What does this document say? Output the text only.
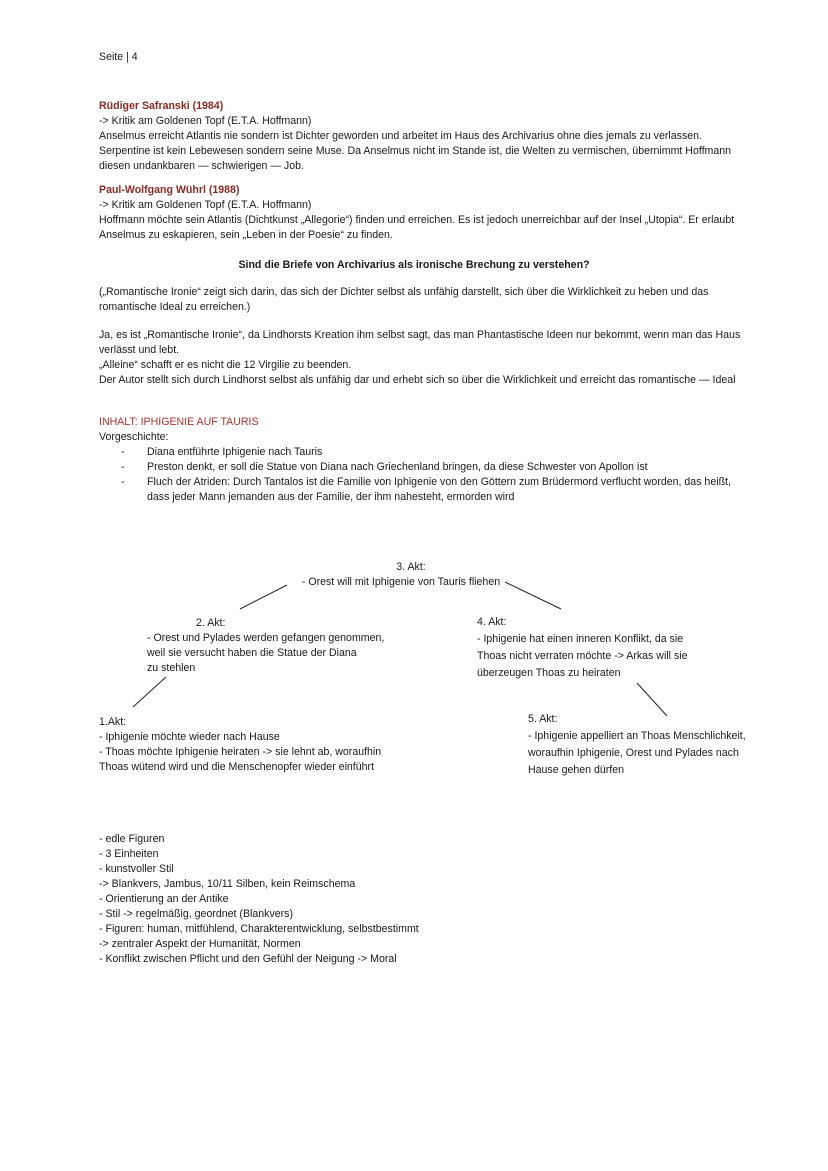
Seite | 4
Rüdiger Safranski (1984)
-> Kritik am Goldenen Topf (E.T.A. Hoffmann)
Anselmus erreicht Atlantis nie sondern ist Dichter geworden und arbeitet im Haus des Archivarius ohne dies jemals zu verlassen.
Serpentine ist kein Lebewesen sondern seine Muse. Da Anselmus nicht im Stande ist, die Welten zu vermischen, übernimmt Hoffmann
diesen undankbaren — schwierigen — Job.
Paul-Wolfgang Wührl (1988)
-> Kritik am Goldenen Topf (E.T.A. Hoffmann)
Hoffmann möchte sein Atlantis (Dichtkunst „Allegorie“) finden und erreichen. Es ist jedoch unerreichbar auf der Insel „Utopia“. Er erlaubt
Anselmus zu eskapieren, sein „Leben in der Poesie“ zu finden.
Sind die Briefe von Archivarius als ironische Brechung zu verstehen?
(„Romantische Ironie“ zeigt sich darin, das sich der Dichter selbst als unfähig darstellt, sich über die Wirklichkeit zu heben und das
romantische Ideal zu erreichen.)
Ja, es ist „Romantische Ironie“, da Lindhorsts Kreation ihm selbst sagt, das man Phantastische Ideen nur bekommt, wenn man das Haus
verlässt und lebt.
„Alleine“ schafft er es nicht die 12 Virgilie zu beenden.
Der Autor stellt sich durch Lindhorst selbst als unfähig dar und erhebt sich so über die Wirklichkeit und erreicht das romantische — Ideal
INHALT: IPHIGENIE AUF TAURIS
Vorgeschichte:
- Diana entführte Iphigenie nach Tauris
- Preston denkt, er soll die Statue von Diana nach Griechenland bringen, da diese Schwester von Apollon ist
- Fluch der Atriden: Durch Tantalos ist die Familie von Iphigenie von den Göttern zum Brüdermord verflucht worden, das heißt,
dass jeder Mann jemanden aus der Familie, der ihm nahesteht, ermorden wird
3. Akt:
- Orest will mit Iphigenie von Tauris fliehen
2. Akt:
- Orest und Pylades werden gefangen genommen,
weil sie versucht haben die Statue der Diana
zu stehlen
4. Akt:
- Iphigenie hat einen inneren Konflikt, da sie
Thoas nicht verraten möchte -> Arkas will sie
überzeugen Thoas zu heiraten
1.Akt:
- Iphigenie möchte wieder nach Hause
- Thoas möchte Iphigenie heiraten -> sie lehnt ab, woraufhin
Thoas wütend wird und die Menschenopfer wieder einführt
5. Akt:
- Iphigenie appelliert an Thoas Menschlichkeit,
woraufhin Iphigenie, Orest und Pylades nach
Hause gehen dürfen
- edle Figuren
- 3 Einheiten
- kunstvoller Stil
-> Blankvers, Jambus, 10/11 Silben, kein Reimschema
- Orientierung an der Antike
- Stil -> regelmäßig, geordnet (Blankvers)
- Figuren: human, mitfühlend, Charakterentwicklung, selbstbestimmt
-> zentraler Aspekt der Humanität, Normen
- Konflikt zwischen Pflicht und den Gefühl der Neigung -> Moral
